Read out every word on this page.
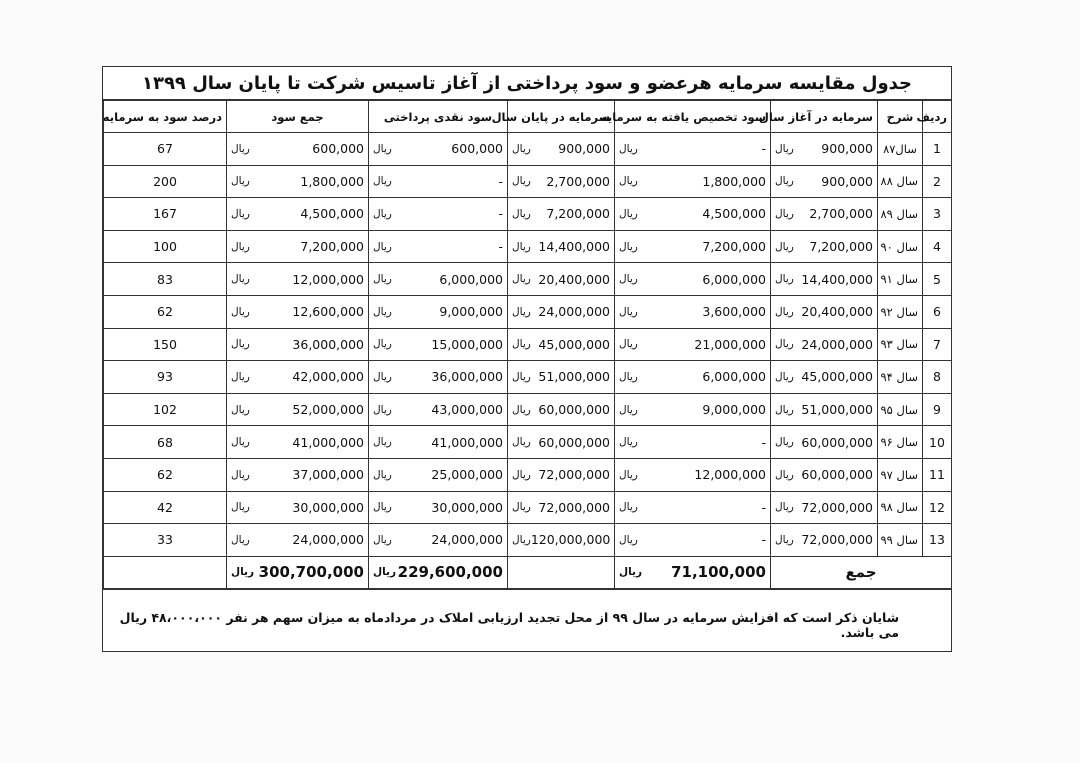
جدول مقایسه سرمایه هرعضو و سود پرداختی از آغاز تاسیس شرکت تا پایان سال ۱۳۹۹
ردیف	شرح	سرمایه در آغاز سال	سود تخصیص یافته به سرمایه	سرمایه در پایان سال	سود نقدی پرداختی	جمع سود	درصد سود به سرمایه
1	سال۸۷	ریال 900,000	ریال -	ریال 900,000	ریال 600,000	ریال 600,000	67
2	سال ۸۸	ریال 900,000	ریال 1,800,000	ریال 2,700,000	ریال -	ریال 1,800,000	200
3	سال ۸۹	ریال 2,700,000	ریال 4,500,000	ریال 7,200,000	ریال -	ریال 4,500,000	167
4	سال ۹۰	ریال 7,200,000	ریال 7,200,000	ریال 14,400,000	ریال -	ریال 7,200,000	100
5	سال ۹۱	ریال 14,400,000	ریال 6,000,000	ریال 20,400,000	ریال 6,000,000	ریال 12,000,000	83
6	سال ۹۲	ریال 20,400,000	ریال 3,600,000	ریال 24,000,000	ریال 9,000,000	ریال 12,600,000	62
7	سال ۹۳	ریال 24,000,000	ریال 21,000,000	ریال 45,000,000	ریال 15,000,000	ریال 36,000,000	150
8	سال ۹۴	ریال 45,000,000	ریال 6,000,000	ریال 51,000,000	ریال 36,000,000	ریال 42,000,000	93
9	سال ۹۵	ریال 51,000,000	ریال 9,000,000	ریال 60,000,000	ریال 43,000,000	ریال 52,000,000	102
10	سال ۹۶	ریال 60,000,000	ریال -	ریال 60,000,000	ریال 41,000,000	ریال 41,000,000	68
11	سال ۹۷	ریال 60,000,000	ریال 12,000,000	ریال 72,000,000	ریال 25,000,000	ریال 37,000,000	62
12	سال ۹۸	ریال 72,000,000	ریال -	ریال 72,000,000	ریال 30,000,000	ریال 30,000,000	42
13	سال ۹۹	ریال 72,000,000	ریال -	ریال 120,000,000	ریال 24,000,000	ریال 24,000,000	33
جمع			ریال 71,100,000		ریال 229,600,000	ریال 300,700,000	

شایان ذکر است که افزایش سرمایه در سال ۹۹ از محل تجدید ارزیابی املاک در مردادماه به میزان سهم هر نفر ۴۸،۰۰۰،۰۰۰ ریال می باشد.
